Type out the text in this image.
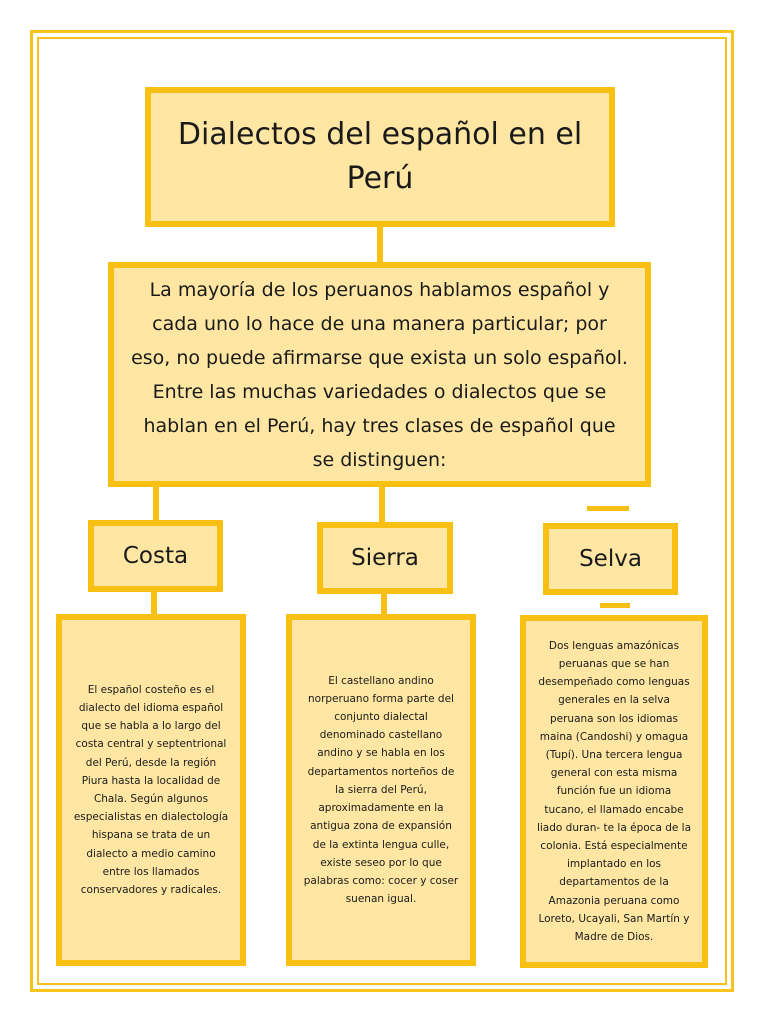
Dialectos del español en el Perú
La mayoría de los peruanos hablamos español y cada uno lo hace de una manera particular; por eso, no puede afirmarse que exista un solo español. Entre las muchas variedades o dialectos que se hablan en el Perú, hay tres clases de español que se distinguen:
Costa	Sierra	Selva
El español costeño es el dialecto del idioma español que se habla a lo largo del costa central y septentrional del Perú, desde la región Piura hasta la localidad de Chala. Según algunos especialistas en dialectología hispana se trata de un dialecto a medio camino entre los llamados conservadores y radicales.
El castellano andino norperuano forma parte del conjunto dialectal denominado castellano andino y se habla en los departamentos norteños de la sierra del Perú, aproximadamente en la antigua zona de expansión de la extinta lengua culle, existe seseo por lo que palabras como: cocer y coser suenan igual.
Dos lenguas amazónicas peruanas que se han desempeñado como lenguas generales en la selva peruana son los idiomas maina (Candoshi) y omagua (Tupí). Una tercera lengua general con esta misma función fue un idioma tucano, el llamado encabe liado duran- te la época de la colonia. Está especialmente implantado en los departamentos de la Amazonia peruana como Loreto, Ucayali, San Martín y Madre de Dios.
